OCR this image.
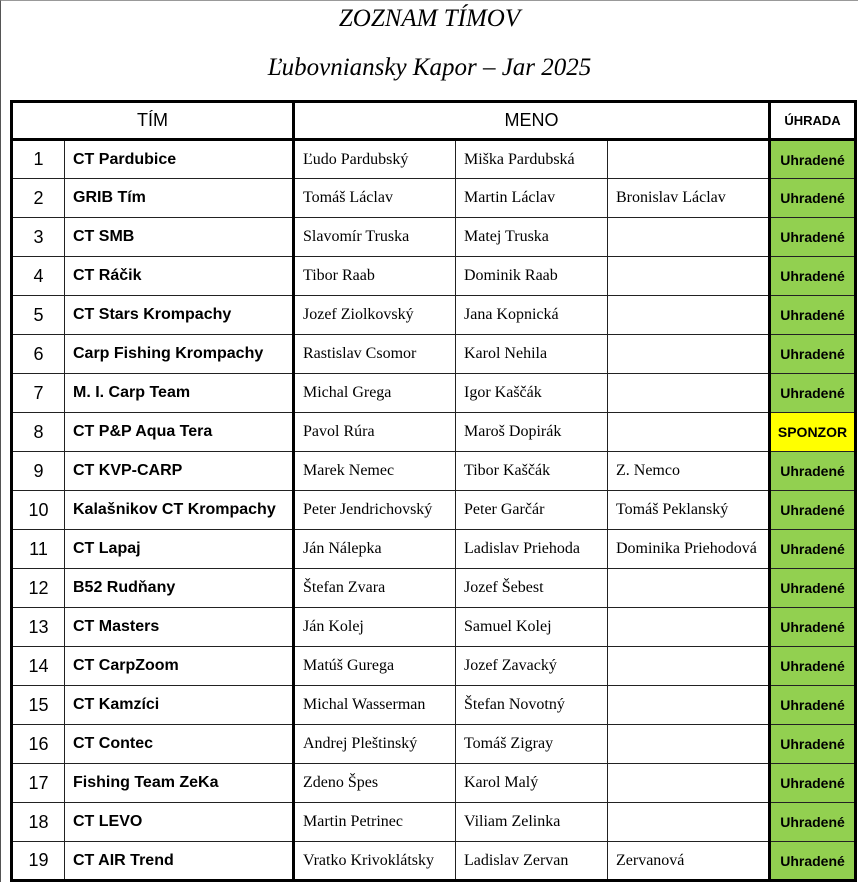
ZOZNAM TÍMOV
Ľubovniansky Kapor – Jar 2025
TÍM		MENO			ÚHRADA
1	CT Pardubice	Ľudo Pardubský	Miška Pardubská		Uhradené
2	GRIB Tím	Tomáš Láclav	Martin Láclav	Bronislav Láclav	Uhradené
3	CT SMB	Slavomír Truska	Matej Truska		Uhradené
4	CT Ráčik	Tibor Raab	Dominik Raab		Uhradené
5	CT Stars Krompachy	Jozef Ziolkovský	Jana Kopnická		Uhradené
6	Carp Fishing Krompachy	Rastislav Csomor	Karol Nehila		Uhradené
7	M. I. Carp Team	Michal Grega	Igor Kaščák		Uhradené
8	CT P&P Aqua Tera	Pavol Rúra	Maroš Dopirák		SPONZOR
9	CT KVP-CARP	Marek Nemec	Tibor Kaščák	Z. Nemco	Uhradené
10	Kalašnikov CT Krompachy	Peter Jendrichovský	Peter Garčár	Tomáš Peklanský	Uhradené
11	CT Lapaj	Ján Nálepka	Ladislav Priehoda	Dominika Priehodová	Uhradené
12	B52 Rudňany	Štefan Zvara	Jozef Šebest		Uhradené
13	CT Masters	Ján Kolej	Samuel Kolej		Uhradené
14	CT CarpZoom	Matúš Gurega	Jozef Zavacký		Uhradené
15	CT Kamzíci	Michal Wasserman	Štefan Novotný		Uhradené
16	CT Contec	Andrej Pleštinský	Tomáš Zigray		Uhradené
17	Fishing Team ZeKa	Zdeno Špes	Karol Malý		Uhradené
18	CT LEVO	Martin Petrinec	Viliam Zelinka		Uhradené
19	CT AIR Trend	Vratko Krivoklátsky	Ladislav Zervan	Zervanová	Uhradené
